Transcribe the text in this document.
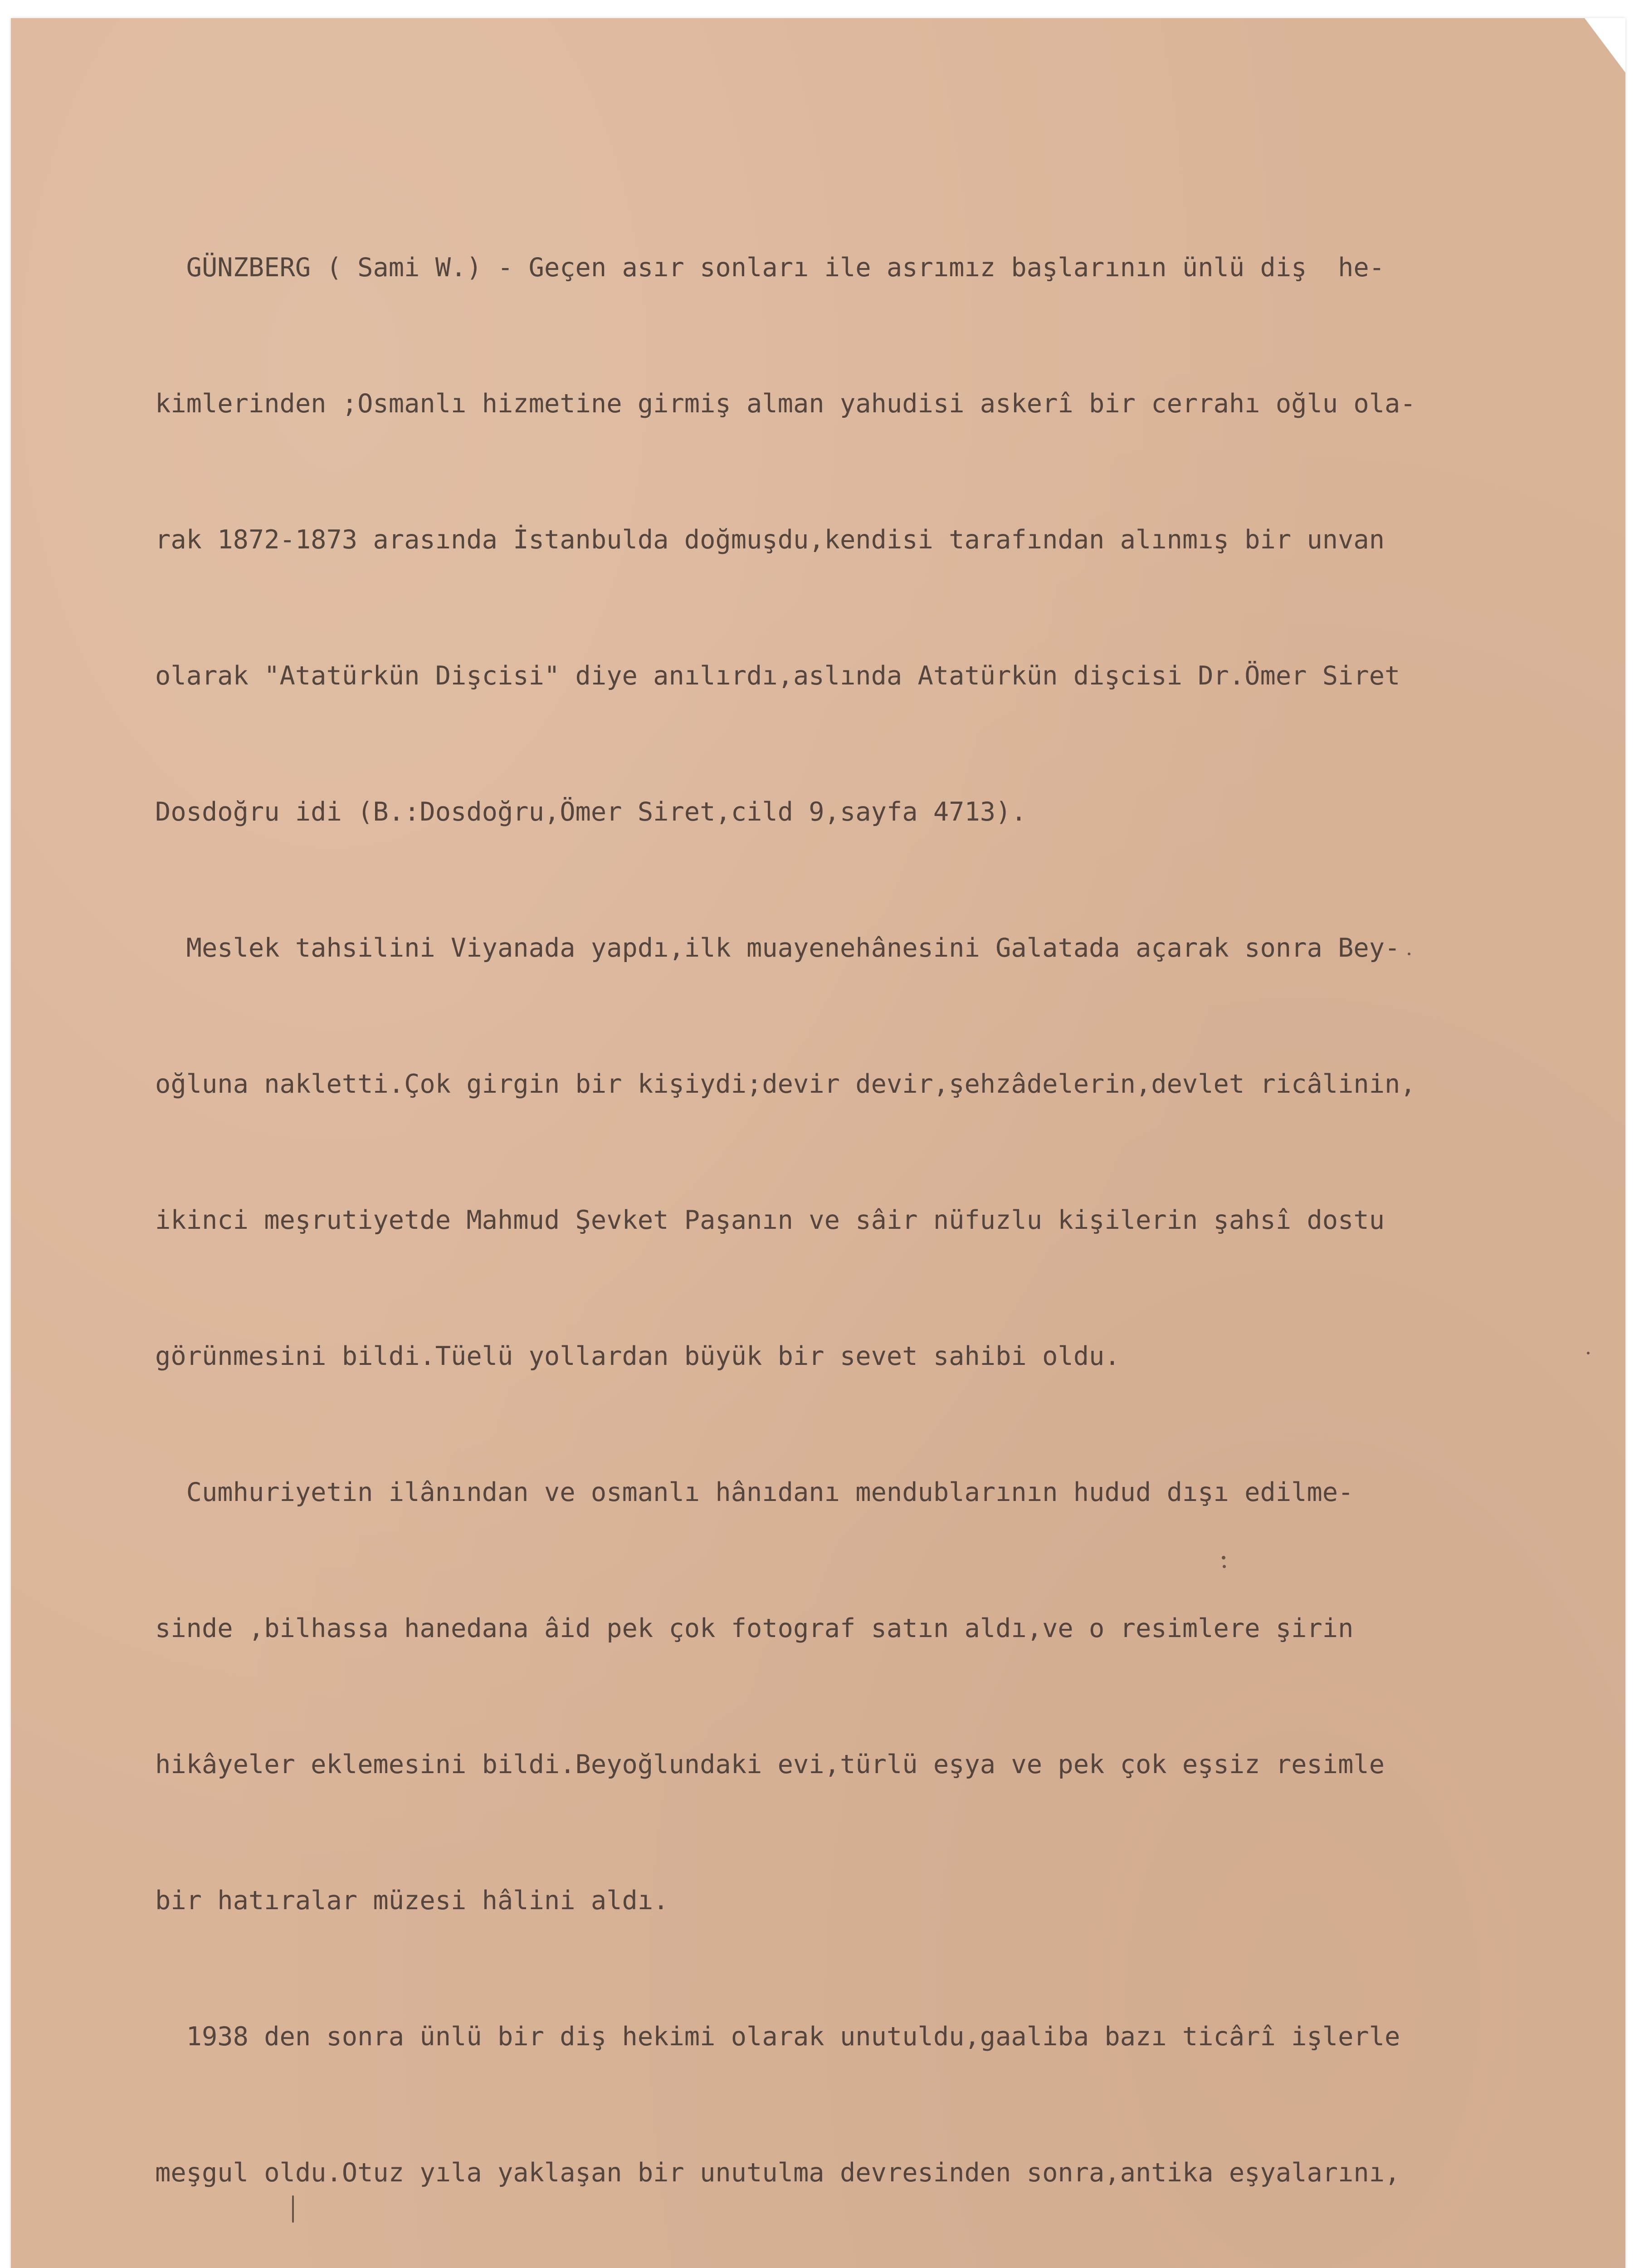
GÜNZBERG ( Sami W.) - Geçen asır sonları ile asrımız başlarının ünlü diş  he-

kimlerinden ;Osmanlı hizmetine girmiş alman yahudisi askerî bir cerrahı oğlu ola-

rak 1872-1873 arasında İstanbulda doğmuşdu,kendisi tarafından alınmış bir unvan

olarak "Atatürkün Dişcisi" diye anılırdı,aslında Atatürkün dişcisi Dr.Ömer Siret

Dosdoğru idi (B.:Dosdoğru,Ömer Siret,cild 9,sayfa 4713).

Meslek tahsilini Viyanada yapdı,ilk muayenehânesini Galatada açarak sonra Bey-

oğluna nakletti.Çok girgin bir kişiydi;devir devir,şehzâdelerin,devlet ricâlinin,

ikinci meşrutiyetde Mahmud Şevket Paşanın ve sâir nüfuzlu kişilerin şahsî dostu

görünmesini bildi.Tüelü yollardan büyük bir sevet sahibi oldu.

Cumhuriyetin ilânından ve osmanlı hânıdanı mendublarının hudud dışı edilme-

sinde ,bilhassa hanedana âid pek çok fotograf satın aldı,ve o resimlere şirin

hikâyeler eklemesini bildi.Beyoğlundaki evi,türlü eşya ve pek çok eşsiz resimle

bir hatıralar müzesi hâlini aldı.

1938 den sonra ünlü bir diş hekimi olarak unutuldu,gaaliba bazı ticârî işlerle

meşgul oldu.Otuz yıla yaklaşan bir unutulma devresinden sonra,antika eşyalarını,
